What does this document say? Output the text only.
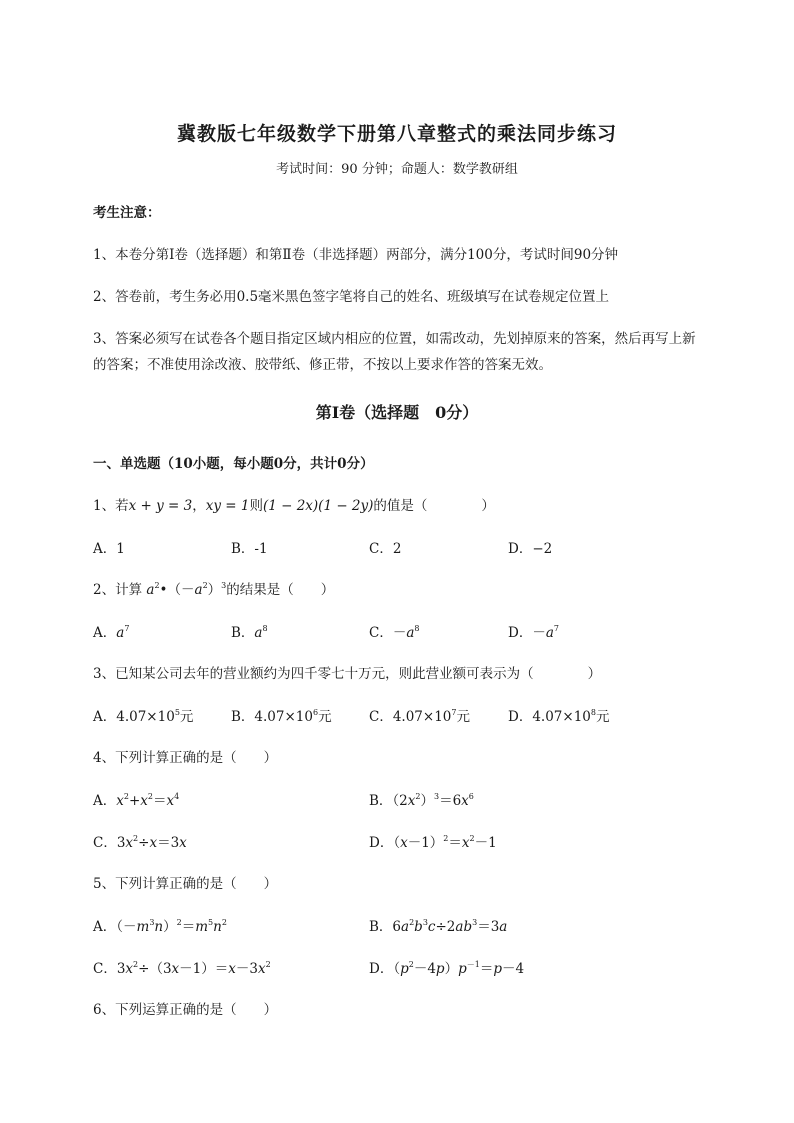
冀教版七年级数学下册第八章整式的乘法同步练习
考试时间：90 分钟；命题人：数学教研组
考生注意：
1、本卷分第Ⅰ卷（选择题）和第Ⅱ卷（非选择题）两部分，满分100分，考试时间90分钟
2、答卷前，考生务必用0.5毫米黑色签字笔将自己的姓名、班级填写在试卷规定位置上
3、答案必须写在试卷各个题目指定区域内相应的位置，如需改动，先划掉原来的答案，然后再写上新
的答案；不准使用涂改液、胶带纸、修正带，不按以上要求作答的答案无效。
第Ⅰ卷（选择题　0分）
一、单选题（10小题，每小题0分，共计0分）
1、若x + y = 3，xy = 1则(1 − 2x)(1 − 2y)的值是（　　　　）
A．1	B．-1	C．2	D．−2
2、计算 $a^2•(-a^2)^3$的结果是（　　）
A．$a^7$	B．$a^8$	C．$-a^8$	D．$-a^7$
3、已知某公司去年的营业额约为四千零七十万元，则此营业额可表示为（　　　　）
A．$4.07\times 10^5$元	B．$4.07\times 10^6$元	C．$4.07\times 10^7$元	D．$4.07\times 10^8$元
4、下列计算正确的是（　　）
A．$x^2+x^2=x^4$	B．$(2x^2)^3=6x^6$
C．$3x^2\div x=3x$	D．$(x-1)^2=x^2-1$
5、下列计算正确的是（　　）
A．$(-m^3n)^2=m^5n^2$	B．$6a^2b^3c\div 2ab^3=3a$
C．$3x^2\div(3x-1)=x-3x^2$	D．$(p^2-4p)p^{-1}=p-4$
6、下列运算正确的是（　　）
